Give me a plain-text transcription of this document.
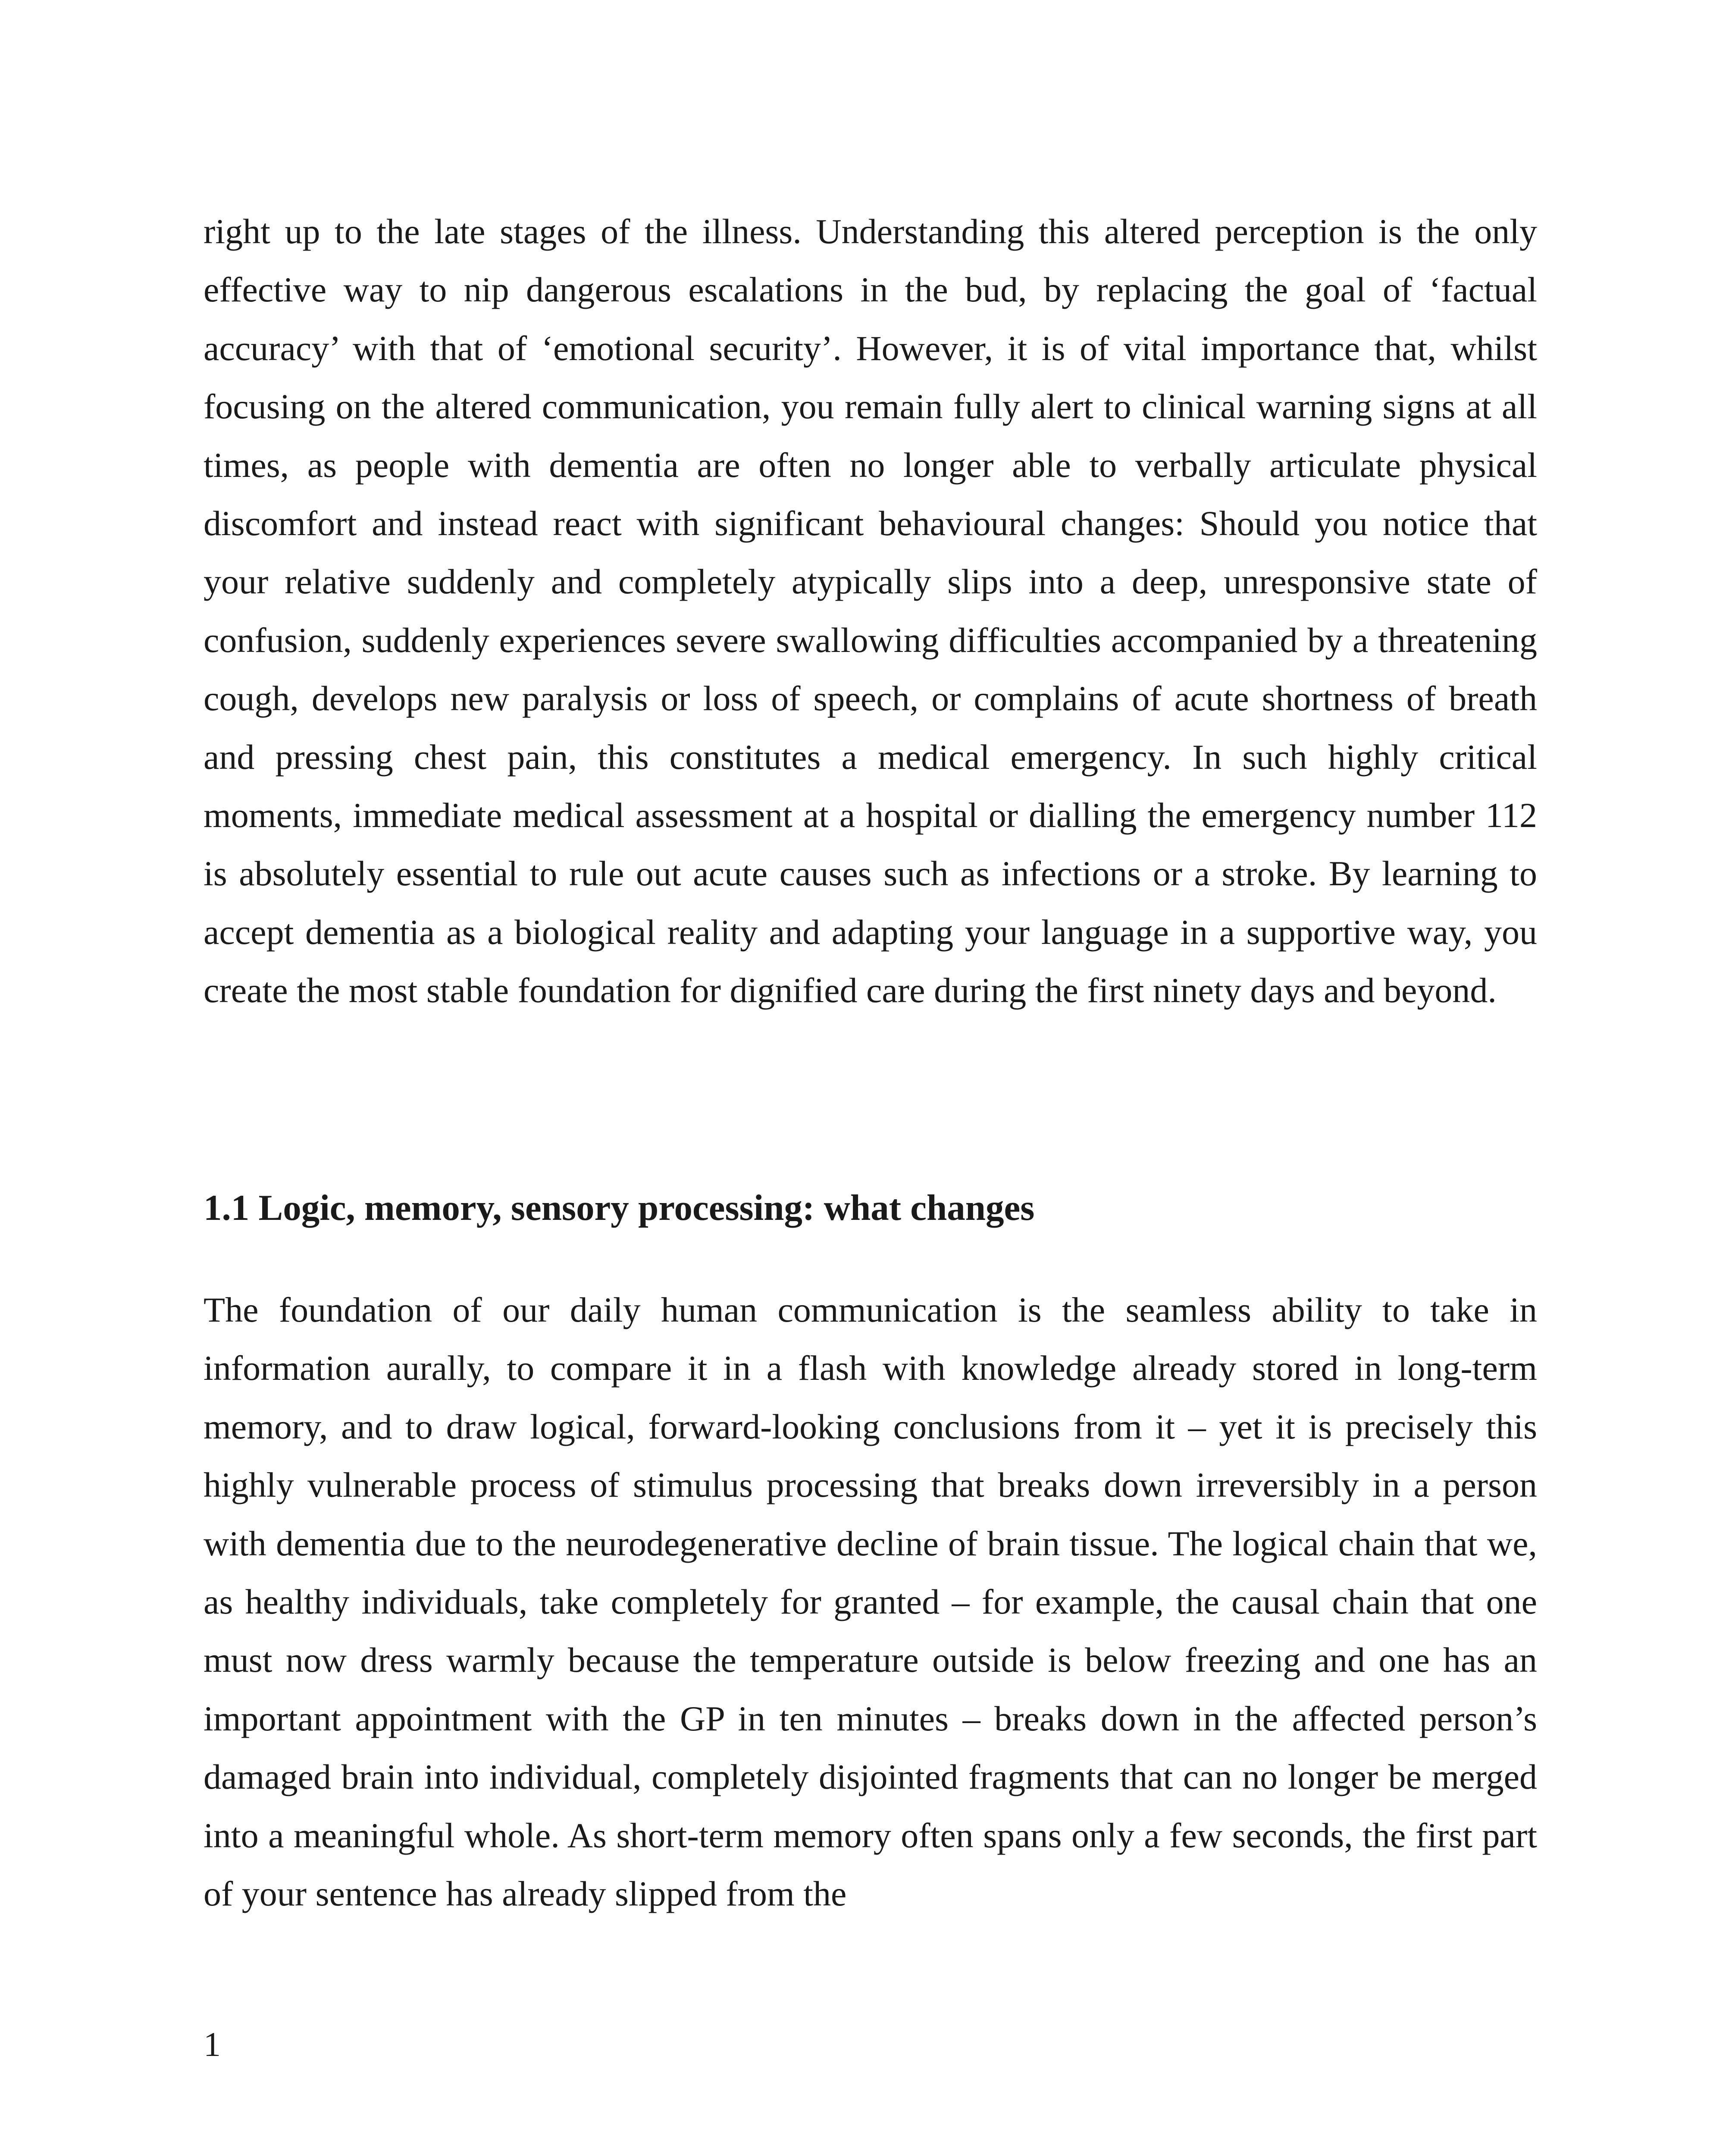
right up to the late stages of the illness. Understanding this altered perception is the only effective way to nip dangerous escalations in the bud, by replacing the goal of ‘factual accuracy’ with that of ‘emotional security’. However, it is of vital importance that, whilst focusing on the altered communication, you remain fully alert to clinical warning signs at all times, as people with dementia are often no longer able to verbally articulate physical discomfort and instead react with significant behavioural changes: Should you notice that your relative suddenly and completely atypically slips into a deep, unresponsive state of confusion, suddenly experiences severe swallowing difficulties accompanied by a threatening cough, develops new paralysis or loss of speech, or complains of acute shortness of breath and pressing chest pain, this constitutes a medical emergency. In such highly critical moments, immediate medical assessment at a hospital or dialling the emergency number 112 is absolutely essential to rule out acute causes such as infections or a stroke. By learning to accept dementia as a biological reality and adapting your language in a supportive way, you create the most stable foundation for dignified care during the first ninety days and beyond.

1.1 Logic, memory, sensory processing: what changes

The foundation of our daily human communication is the seamless ability to take in information aurally, to compare it in a flash with knowledge already stored in long-term memory, and to draw logical, forward-looking conclusions from it – yet it is precisely this highly vulnerable process of stimulus processing that breaks down irreversibly in a person with dementia due to the neurodegenerative decline of brain tissue. The logical chain that we, as healthy individuals, take completely for granted – for example, the causal chain that one must now dress warmly because the temperature outside is below freezing and one has an important appointment with the GP in ten minutes – breaks down in the affected person’s damaged brain into individual, completely disjointed fragments that can no longer be merged into a meaningful whole. As short-term memory often spans only a few seconds, the first part of your sentence has already slipped from the

1
